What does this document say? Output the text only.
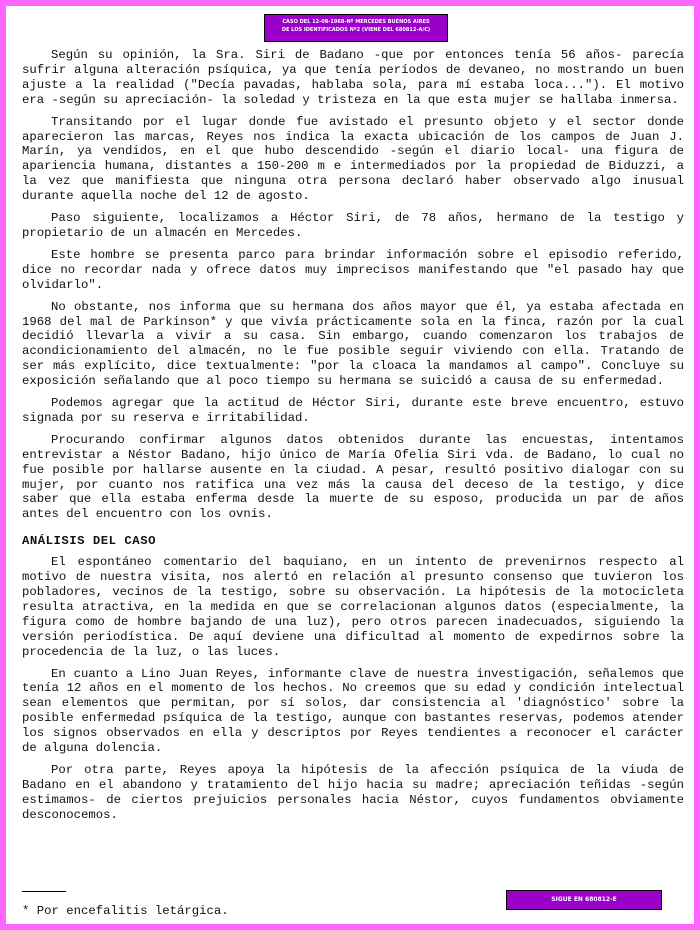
CASO DEL 12-08-1968-Nº MERCEDES BUENOS AIRES
DE LOS IDENTIFICADOS Nº2 (VIENE DEL 680812-A/C)

Según su opinión, la Sra. Siri de Badano -que por entonces tenía 56 años- parecía sufrir alguna alteración psíquica, ya que tenía períodos de devaneo, no mostrando un buen ajuste a la realidad ("Decía pavadas, hablaba sola, para mí estaba loca..."). El motivo era -según su apreciación- la soledad y tristeza en la que esta mujer se hallaba inmersa.

Transitando por el lugar donde fue avistado el presunto objeto y el sector donde aparecieron las marcas, Reyes nos indica la exacta ubicación de los campos de Juan J. Marín, ya vendidos, en el que hubo descendido -según el diario local- una figura de apariencia humana, distantes a 150-200 m e intermediados por la propiedad de Biduzzi, a la vez que manifiesta que ninguna otra persona declaró haber observado algo inusual durante aquella noche del 12 de agosto.

Paso siguiente, localizamos a Héctor Siri, de 78 años, hermano de la testigo y propietario de un almacén en Mercedes.

Este hombre se presenta parco para brindar información sobre el episodio referido, dice no recordar nada y ofrece datos muy imprecisos manifestando que "el pasado hay que olvidarlo".

No obstante, nos informa que su hermana dos años mayor que él, ya estaba afectada en 1968 del mal de Parkinson* y que vivía prácticamente sola en la finca, razón por la cual decidió llevarla a vivir a su casa. Sin embargo, cuando comenzaron los trabajos de acondicionamiento del almacén, no le fue posible seguir viviendo con ella. Tratando de ser más explícito, dice textualmente: "por la cloaca la mandamos al campo". Concluye su exposición señalando que al poco tiempo su hermana se suicidó a causa de su enfermedad.

Podemos agregar que la actitud de Héctor Siri, durante este breve encuentro, estuvo signada por su reserva e irritabilidad.

Procurando confirmar algunos datos obtenidos durante las encuestas, intentamos entrevistar a Néstor Badano, hijo único de María Ofelia Siri vda. de Badano, lo cual no fue posible por hallarse ausente en la ciudad. A pesar, resultó positivo dialogar con su mujer, por cuanto nos ratifica una vez más la causa del deceso de la testigo, y dice saber que ella estaba enferma desde la muerte de su esposo, producida un par de años antes del encuentro con los ovnis.

ANÁLISIS DEL CASO

El espontáneo comentario del baquiano, en un intento de prevenirnos respecto al motivo de nuestra visita, nos alertó en relación al presunto consenso que tuvieron los pobladores, vecinos de la testigo, sobre su observación. La hipótesis de la motocicleta resulta atractiva, en la medida en que se correlacionan algunos datos (especialmente, la figura como de hombre bajando de una luz), pero otros parecen inadecuados, siguiendo la versión periodística. De aquí deviene una dificultad al momento de expedirnos sobre la procedencia de la luz, o las luces.

En cuanto a Lino Juan Reyes, informante clave de nuestra investigación, señalemos que tenía 12 años en el momento de los hechos. No creemos que su edad y condición intelectual sean elementos que permitan, por sí solos, dar consistencia al 'diagnóstico' sobre la posible enfermedad psíquica de la testigo, aunque con bastantes reservas, podemos atender los signos observados en ella y descriptos por Reyes tendientes a reconocer el carácter de alguna dolencia.

Por otra parte, Reyes apoya la hipótesis de la afección psíquica de la viuda de Badano en el abandono y tratamiento del hijo hacia su madre; apreciación teñidas -según estimamos- de ciertos prejuicios personales hacia Néstor, cuyos fundamentos obviamente desconocemos.

* Por encefalitis letárgica.
SIGUE EN 680812-E
